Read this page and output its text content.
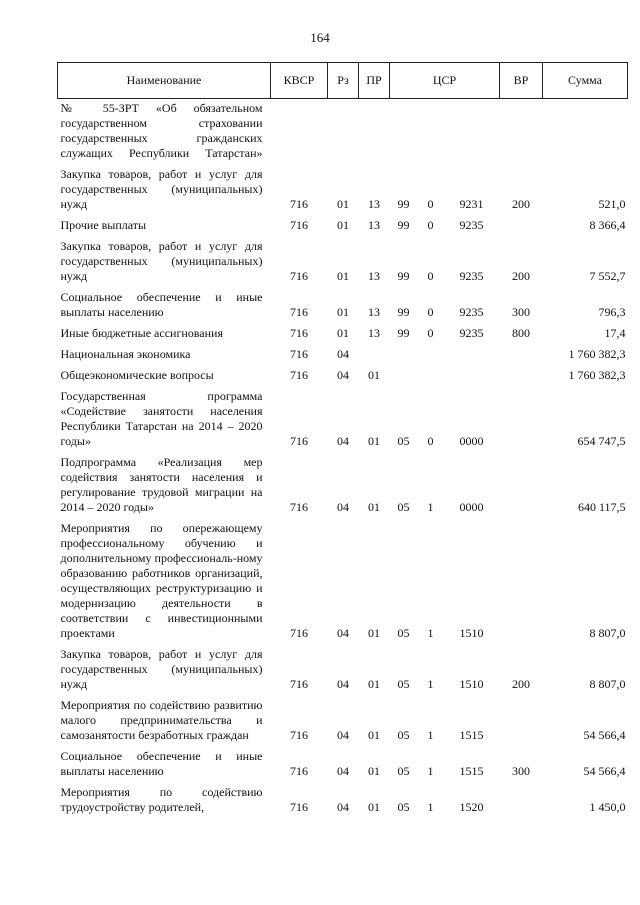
164
Наименование	КВСР	Рз	ПР	ЦСР			ВР	Сумма
№ 55-ЗРТ «Об обязательном государственном страховании государственных гражданских служащих Республики Татарстан»								
Закупка товаров, работ и услуг для государственных (муниципальных) нужд	716	01	13	99	0	9231	200	521,0
Прочие выплаты	716	01	13	99	0	9235		8 366,4
Закупка товаров, работ и услуг для государственных (муниципальных) нужд	716	01	13	99	0	9235	200	7 552,7
Социальное обеспечение и иные выплаты населению	716	01	13	99	0	9235	300	796,3
Иные бюджетные ассигнования	716	01	13	99	0	9235	800	17,4
Национальная экономика	716	04						1 760 382,3
Общеэкономические вопросы	716	04	01					1 760 382,3
Государственная программа «Содействие занятости населения Республики Татарстан на 2014 – 2020 годы»	716	04	01	05	0	0000		654 747,5
Подпрограмма «Реализация мер содействия занятости населения и регулирование трудовой миграции на 2014 – 2020 годы»	716	04	01	05	1	0000		640 117,5
Мероприятия по опережающему профессиональному обучению и дополнительному профессиональ-ному образованию работников организаций, осуществляющих реструктуризацию и модернизацию деятельности в соответствии с инвестиционными проектами	716	04	01	05	1	1510		8 807,0
Закупка товаров, работ и услуг для государственных (муниципальных) нужд	716	04	01	05	1	1510	200	8 807,0
Мероприятия по содействию развитию малого предпринимательства и самозанятости безработных граждан	716	04	01	05	1	1515		54 566,4
Социальное обеспечение и иные выплаты населению	716	04	01	05	1	1515	300	54 566,4
Мероприятия по содействию трудоустройству родителей,	716	04	01	05	1	1520		1 450,0
